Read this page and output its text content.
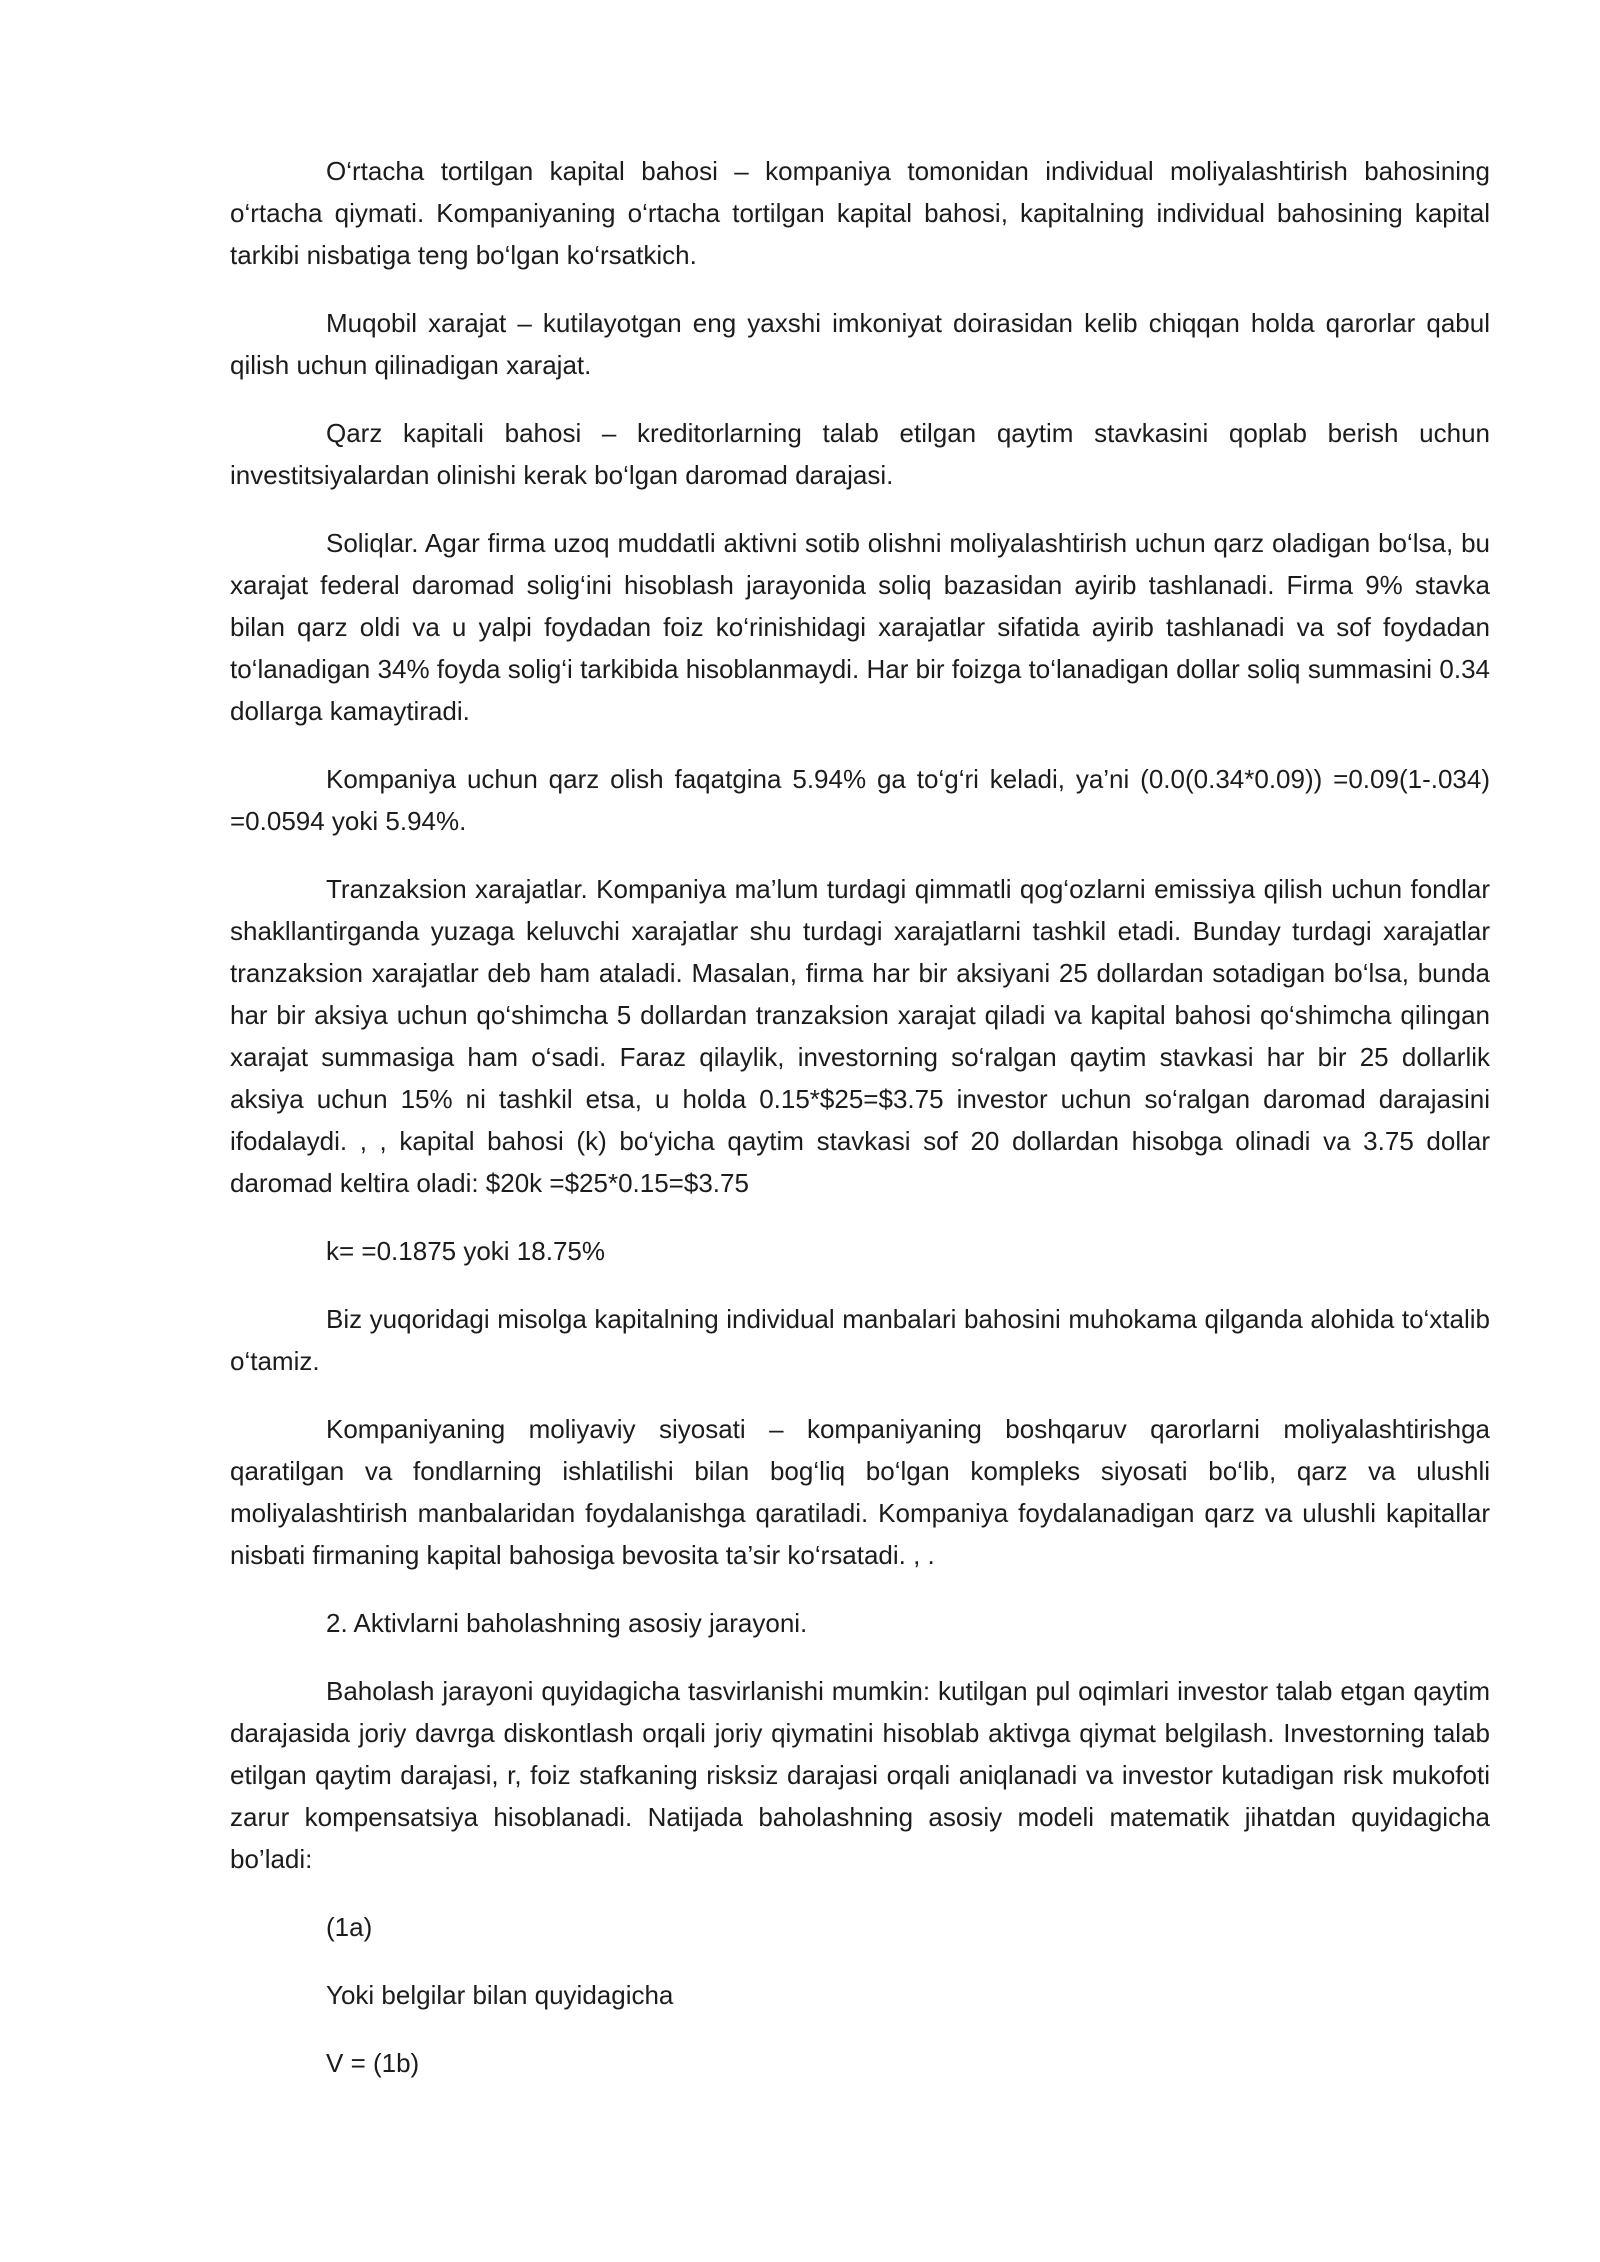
O‘rtacha tortilgan kapital bahosi – kompaniya tomonidan individual moliyalashtirish bahosining o‘rtacha qiymati. Kompaniyaning o‘rtacha tortilgan kapital bahosi, kapitalning individual bahosining kapital tarkibi nisbatiga teng bo‘lgan ko‘rsatkich.

Muqobil xarajat – kutilayotgan eng yaxshi imkoniyat doirasidan kelib chiqqan holda qarorlar qabul qilish uchun qilinadigan xarajat.

Qarz kapitali bahosi – kreditorlarning talab etilgan qaytim stavkasini qoplab berish uchun investitsiyalardan olinishi kerak bo‘lgan daromad darajasi.

Soliqlar. Agar firma uzoq muddatli aktivni sotib olishni moliyalashtirish uchun qarz oladigan bo‘lsa, bu xarajat federal daromad solig‘ini hisoblash jarayonida soliq bazasidan ayirib tashlanadi. Firma 9% stavka bilan qarz oldi va u yalpi foydadan foiz ko‘rinishidagi xarajatlar sifatida ayirib tashlanadi va sof foydadan to‘lanadigan 34% foyda solig‘i tarkibida hisoblanmaydi. Har bir foizga to‘lanadigan dollar soliq summasini 0.34 dollarga kamaytiradi.

Kompaniya uchun qarz olish faqatgina 5.94% ga to‘g‘ri keladi, ya’ni (0.0(0.34*0.09)) =0.09(1-.034) =0.0594 yoki 5.94%.

Tranzaksion xarajatlar. Kompaniya ma’lum turdagi qimmatli qog‘ozlarni emissiya qilish uchun fondlar shakllantirganda yuzaga keluvchi xarajatlar shu turdagi xarajatlarni tashkil etadi. Bunday turdagi xarajatlar tranzaksion xarajatlar deb ham ataladi. Masalan, firma har bir aksiyani 25 dollardan sotadigan bo‘lsa, bunda har bir aksiya uchun qo‘shimcha 5 dollardan tranzaksion xarajat qiladi va kapital bahosi qo‘shimcha qilingan xarajat summasiga ham o‘sadi. Faraz qilaylik, investorning so‘ralgan qaytim stavkasi har bir 25 dollarlik aksiya uchun 15% ni tashkil etsa, u holda 0.15*$25=$3.75 investor uchun so‘ralgan daromad darajasini ifodalaydi. , , kapital bahosi (k) bo‘yicha qaytim stavkasi sof 20 dollardan hisobga olinadi va 3.75 dollar daromad keltira oladi: $20k =$25*0.15=$3.75

k= =0.1875 yoki 18.75%

Biz yuqoridagi misolga kapitalning individual manbalari bahosini muhokama qilganda alohida to‘xtalib o‘tamiz.

Kompaniyaning moliyaviy siyosati – kompaniyaning boshqaruv qarorlarni moliyalashtirishga qaratilgan va fondlarning ishlatilishi bilan bog‘liq bo‘lgan kompleks siyosati bo‘lib, qarz va ulushli moliyalashtirish manbalaridan foydalanishga qaratiladi. Kompaniya foydalanadigan qarz va ulushli kapitallar nisbati firmaning kapital bahosiga bevosita ta’sir ko‘rsatadi. , .

2. Aktivlarni baholashning asosiy jarayoni.

Baholash jarayoni quyidagicha tasvirlanishi mumkin: kutilgan pul oqimlari investor talab etgan qaytim darajasida joriy davrga diskontlash orqali joriy qiymatini hisoblab aktivga qiymat belgilash. Investorning talab etilgan qaytim darajasi, r, foiz stafkaning risksiz darajasi orqali aniqlanadi va investor kutadigan risk mukofoti zarur kompensatsiya hisoblanadi. Natijada baholashning asosiy modeli matematik jihatdan quyidagicha bo’ladi:

(1a)

Yoki belgilar bilan quyidagicha

V = (1b)
